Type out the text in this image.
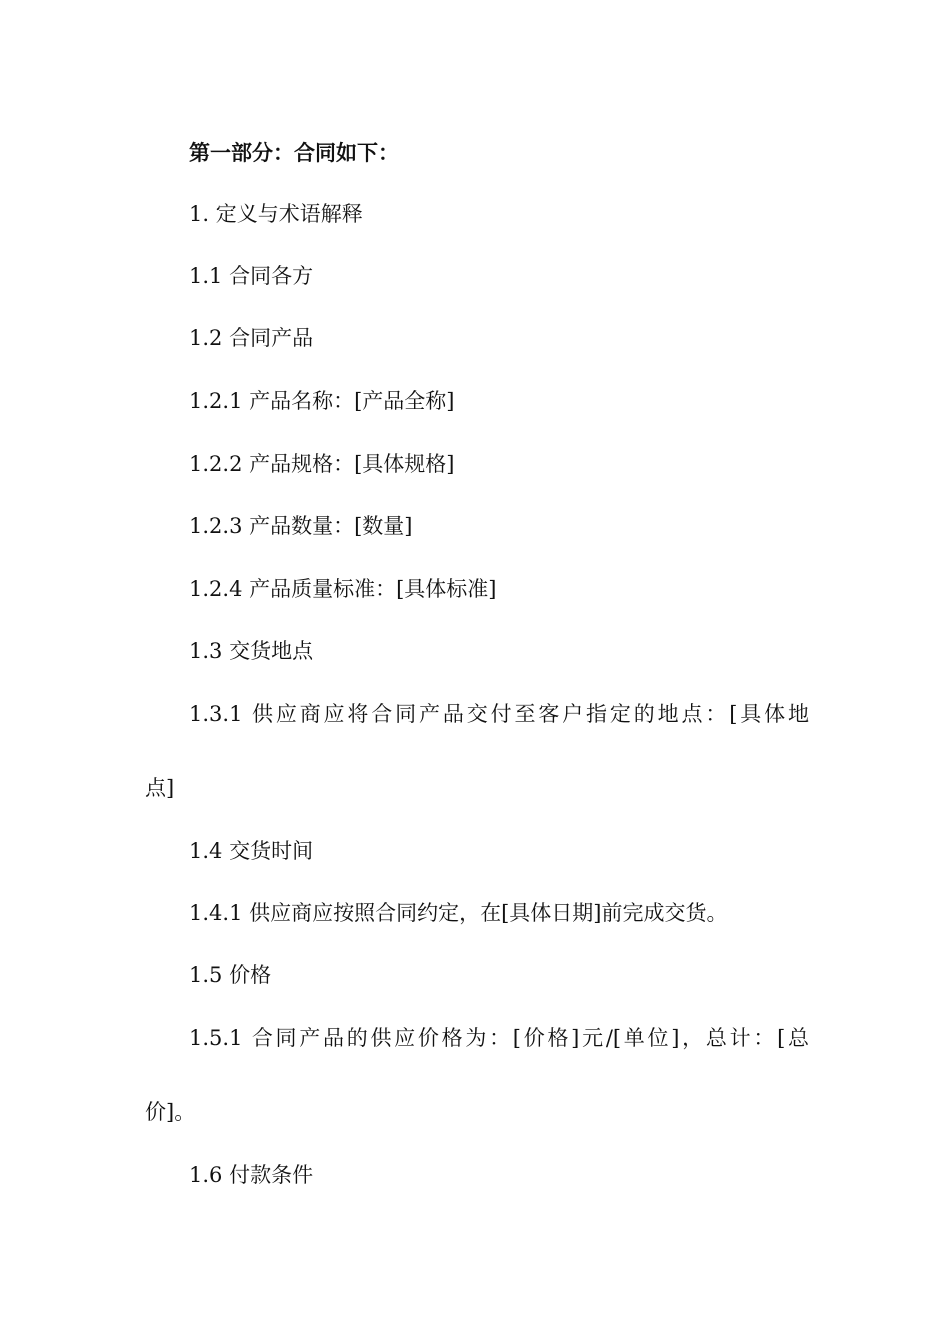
第一部分：合同如下：
1. 定义与术语解释
1.1 合同各方
1.2 合同产品
1.2.1 产品名称：[产品全称]
1.2.2 产品规格：[具体规格]
1.2.3 产品数量：[数量]
1.2.4 产品质量标准：[具体标准]
1.3 交货地点
1.3.1 供应商应将合同产品交付至客户指定的地点：[具体地
点]
1.4 交货时间
1.4.1 供应商应按照合同约定，在[具体日期]前完成交货。
1.5 价格
1.5.1 合同产品的供应价格为：[价格]元/[单位]，总计：[总
价]。
1.6 付款条件
